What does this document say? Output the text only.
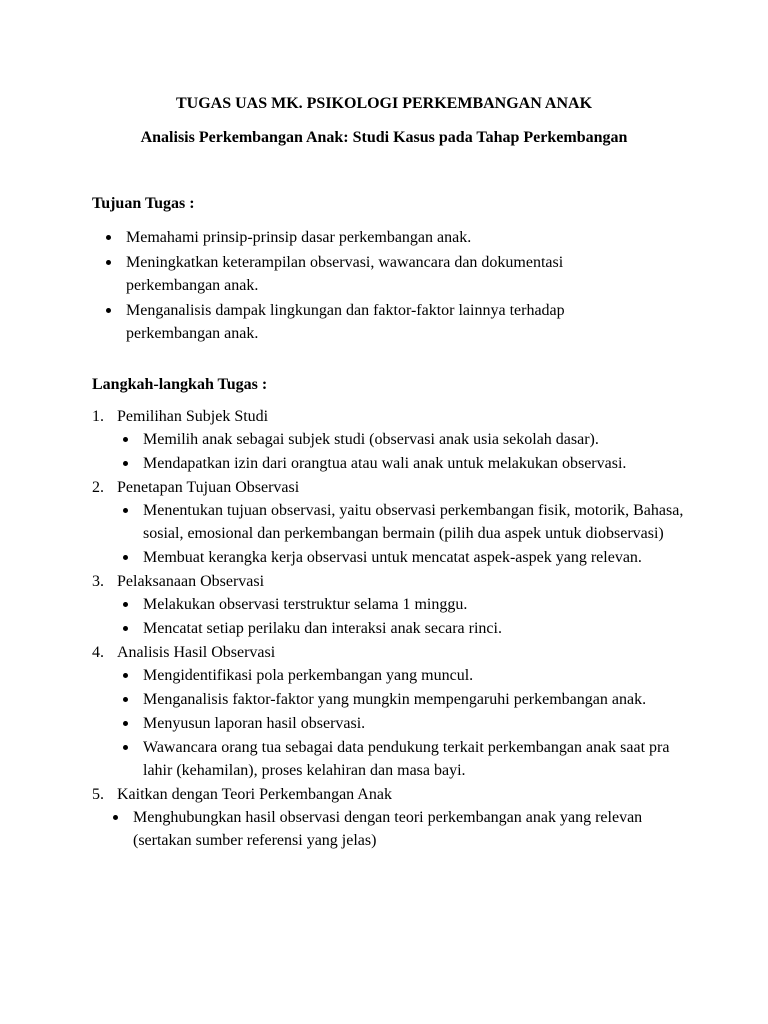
TUGAS UAS MK. PSIKOLOGI PERKEMBANGAN ANAK
Analisis Perkembangan Anak: Studi Kasus pada Tahap Perkembangan
Tujuan Tugas :
Memahami prinsip-prinsip dasar perkembangan anak.
Meningkatkan keterampilan observasi, wawancara dan dokumentasi perkembangan anak.
Menganalisis dampak lingkungan dan faktor-faktor lainnya terhadap perkembangan anak.
Langkah-langkah Tugas :
1. Pemilihan Subjek Studi
Memilih anak sebagai subjek studi (observasi anak usia sekolah dasar).
Mendapatkan izin dari orangtua atau wali anak untuk melakukan observasi.
2. Penetapan Tujuan Observasi
Menentukan tujuan observasi, yaitu observasi perkembangan fisik, motorik, Bahasa, sosial, emosional dan perkembangan bermain (pilih dua aspek untuk diobservasi)
Membuat kerangka kerja observasi untuk mencatat aspek-aspek yang relevan.
3. Pelaksanaan Observasi
Melakukan observasi terstruktur selama 1 minggu.
Mencatat setiap perilaku dan interaksi anak secara rinci.
4. Analisis Hasil Observasi
Mengidentifikasi pola perkembangan yang muncul.
Menganalisis faktor-faktor yang mungkin mempengaruhi perkembangan anak.
Menyusun laporan hasil observasi.
Wawancara orang tua sebagai data pendukung terkait perkembangan anak saat pra lahir (kehamilan), proses kelahiran dan masa bayi.
5. Kaitkan dengan Teori Perkembangan Anak
Menghubungkan hasil observasi dengan teori perkembangan anak yang relevan (sertakan sumber referensi yang jelas)
